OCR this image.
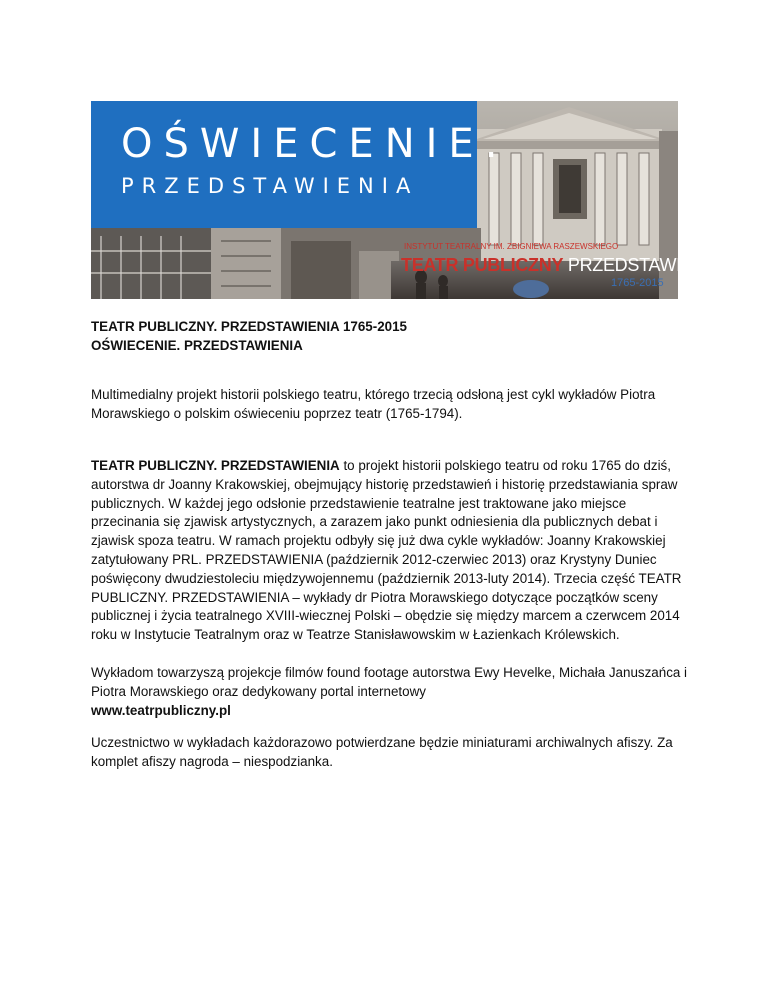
OŚWIECENIE.
PRZEDSTAWIENIA
INSTYTUT TEATRALNY IM. ZBIGNIEWA RASZEWSKIEGO
TEATR PUBLICZNY PRZEDSTAWIENIA
1765-2015
TEATR PUBLICZNY. PRZEDSTAWIENIA 1765-2015
OŚWIECENIE. PRZEDSTAWIENIA
Multimedialny projekt historii polskiego teatru, którego trzecią odsłoną jest cykl wykładów Piotra Morawskiego o polskim oświeceniu poprzez teatr (1765-1794).
TEATR PUBLICZNY. PRZEDSTAWIENIA to projekt historii polskiego teatru od roku 1765 do dziś, autorstwa dr Joanny Krakowskiej, obejmujący historię przedstawień i historię przedstawiania spraw publicznych. W każdej jego odsłonie przedstawienie teatralne jest traktowane jako miejsce przecinania się zjawisk artystycznych, a zarazem jako punkt odniesienia dla publicznych debat i zjawisk spoza teatru. W ramach projektu odbyły się już dwa cykle wykładów: Joanny Krakowskiej zatytułowany PRL. PRZEDSTAWIENIA (październik 2012-czerwiec 2013) oraz Krystyny Duniec poświęcony dwudziestoleciu międzywojennemu (październik 2013-luty 2014). Trzecia część TEATR PUBLICZNY. PRZEDSTAWIENIA – wykłady dr Piotra Morawskiego dotyczące początków sceny publicznej i życia teatralnego XVIII-wiecznej Polski – obędzie się między marcem a czerwcem 2014 roku w Instytucie Teatralnym oraz w Teatrze Stanisławowskim w Łazienkach Królewskich.
Wykładom towarzyszą projekcje filmów found footage autorstwa Ewy Hevelke, Michała Januszańca i Piotra Morawskiego oraz dedykowany portal internetowy
www.teatrpubliczny.pl
Uczestnictwo w wykładach każdorazowo potwierdzane będzie miniaturami archiwalnych afiszy. Za komplet afiszy nagroda – niespodzianka.
